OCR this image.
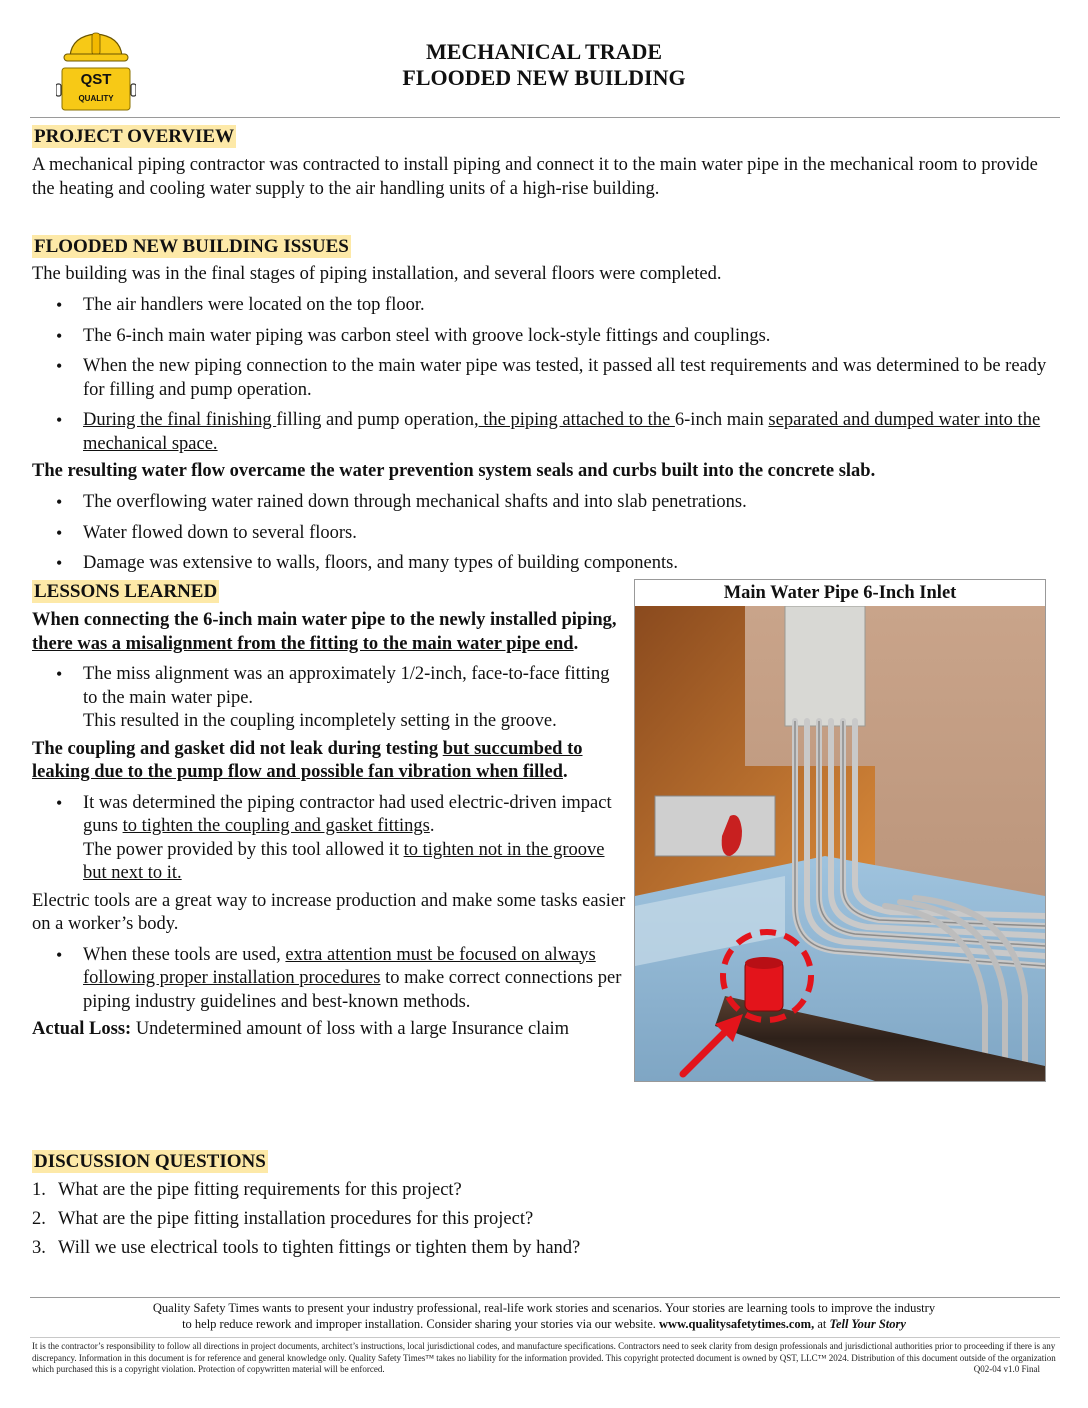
QST
QUALITY
MECHANICAL TRADE
FLOODED NEW BUILDING
PROJECT OVERVIEW
A mechanical piping contractor was contracted to install piping and connect it to the main water pipe in the mechanical room to provide the heating and cooling water supply to the air handling units of a high-rise building.
FLOODED NEW BUILDING ISSUES
The building was in the final stages of piping installation, and several floors were completed.
• The air handlers were located on the top floor.
• The 6-inch main water piping was carbon steel with groove lock-style fittings and couplings.
• When the new piping connection to the main water pipe was tested, it passed all test requirements and was determined to be ready for filling and pump operation.
• During the final finishing filling and pump operation, the piping attached to the 6-inch main separated and dumped water into the mechanical space.
The resulting water flow overcame the water prevention system seals and curbs built into the concrete slab.
• The overflowing water rained down through mechanical shafts and into slab penetrations.
• Water flowed down to several floors.
• Damage was extensive to walls, floors, and many types of building components.
LESSONS LEARNED
When connecting the 6-inch main water pipe to the newly installed piping, there was a misalignment from the fitting to the main water pipe end.
• The miss alignment was an approximately 1/2-inch, face-to-face fitting to the main water pipe.
This resulted in the coupling incompletely setting in the groove.
The coupling and gasket did not leak during testing but succumbed to leaking due to the pump flow and possible fan vibration when filled.
• It was determined the piping contractor had used electric-driven impact guns to tighten the coupling and gasket fittings.
The power provided by this tool allowed it to tighten not in the groove but next to it.
Electric tools are a great way to increase production and make some tasks easier on a worker’s body.
• When these tools are used, extra attention must be focused on always following proper installation procedures to make correct connections per piping industry guidelines and best-known methods.
Actual Loss: Undetermined amount of loss with a large Insurance claim
Main Water Pipe 6-Inch Inlet
DISCUSSION QUESTIONS
1. What are the pipe fitting requirements for this project?
2. What are the pipe fitting installation procedures for this project?
3. Will we use electrical tools to tighten fittings or tighten them by hand?
Quality Safety Times wants to present your industry professional, real-life work stories and scenarios. Your stories are learning tools to improve the industry
to help reduce rework and improper installation. Consider sharing your stories via our website. www.qualitysafetytimes.com, at Tell Your Story
It is the contractor’s responsibility to follow all directions in project documents, architect’s instructions, local jurisdictional codes, and manufacture specifications. Contractors need to seek clarity from design professionals and jurisdictional authorities prior to proceeding if there is any discrepancy. Information in this document is for reference and general knowledge only. Quality Safety Times™ takes no liability for the information provided. This copyright protected document is owned by QST, LLC™ 2024. Distribution of this document outside of the organization which purchased this is a copyright violation. Protection of copywritten material will be enforced.	Q02-04 v1.0 Final
